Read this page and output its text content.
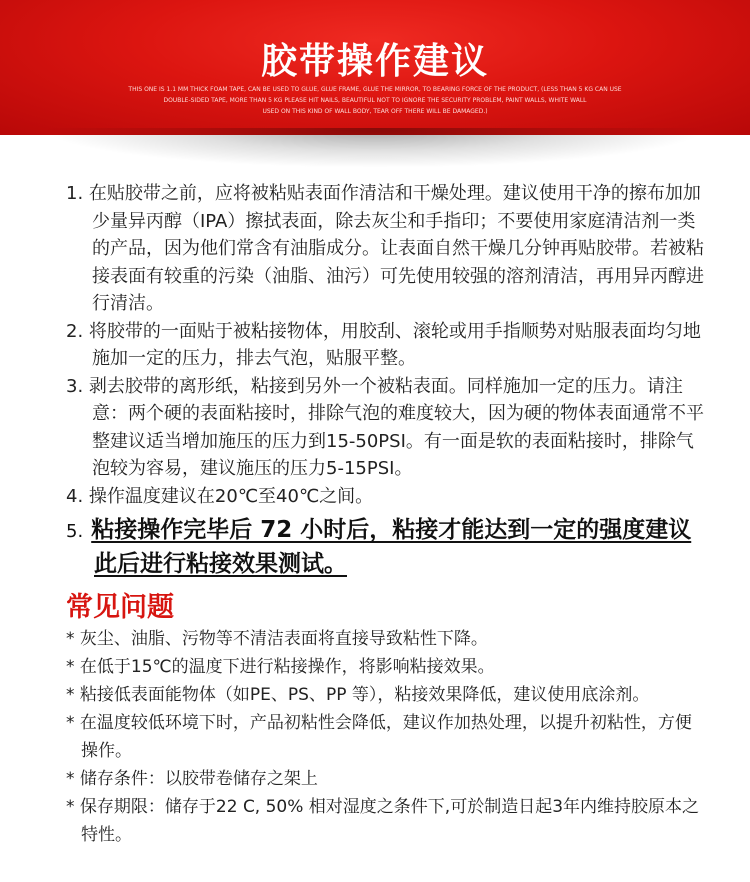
胶带操作建议
THIS ONE IS 1.1 MM THICK FOAM TAPE, CAN BE USED TO GLUE, GLUE FRAME, GLUE THE MIRROR, TO BEARING FORCE OF THE PRODUCT, (LESS THAN 5 KG CAN USE
DOUBLE-SIDED TAPE, MORE THAN 5 KG PLEASE HIT NAILS, BEAUTIFUL NOT TO IGNORE THE SECURITY PROBLEM, PAINT WALLS, WHITE WALL
USED ON THIS KIND OF WALL BODY, TEAR OFF THERE WILL BE DAMAGED.)
1. 在贴胶带之前，应将被粘贴表面作清洁和干燥处理。建议使用干净的擦布加加少量异丙醇（IPA）擦拭表面，除去灰尘和手指印；不要使用家庭清洁剂一类的产品，因为他们常含有油脂成分。让表面自然干燥几分钟再贴胶带。若被粘接表面有较重的污染（油脂、油污）可先使用较强的溶剂清洁，再用异丙醇进行清洁。
2. 将胶带的一面贴于被粘接物体，用胶刮、滚轮或用手指顺势对贴服表面均匀地施加一定的压力，排去气泡，贴服平整。
3. 剥去胶带的离形纸，粘接到另外一个被粘表面。同样施加一定的压力。请注意：两个硬的表面粘接时，排除气泡的难度较大，因为硬的物体表面通常不平整建议适当增加施压的压力到15-50PSI。有一面是软的表面粘接时，排除气泡较为容易，建议施压的压力5-15PSI。
4. 操作温度建议在20℃至40℃之间。
5. 粘接操作完毕后 72 小时后，粘接才能达到一定的强度建议此后进行粘接效果测试。
常见问题
* 灰尘、油脂、污物等不清洁表面将直接导致粘性下降。
* 在低于15℃的温度下进行粘接操作，将影响粘接效果。
* 粘接低表面能物体（如PE、PS、PP 等），粘接效果降低，建议使用底涂剂。
* 在温度较低环境下时，产品初粘性会降低，建议作加热处理，以提升初粘性，方便操作。
* 储存条件：以胶带卷储存之架上
* 保存期限：储存于22 C, 50% 相对湿度之条件下,可於制造日起3年内维持胶原本之特性。
